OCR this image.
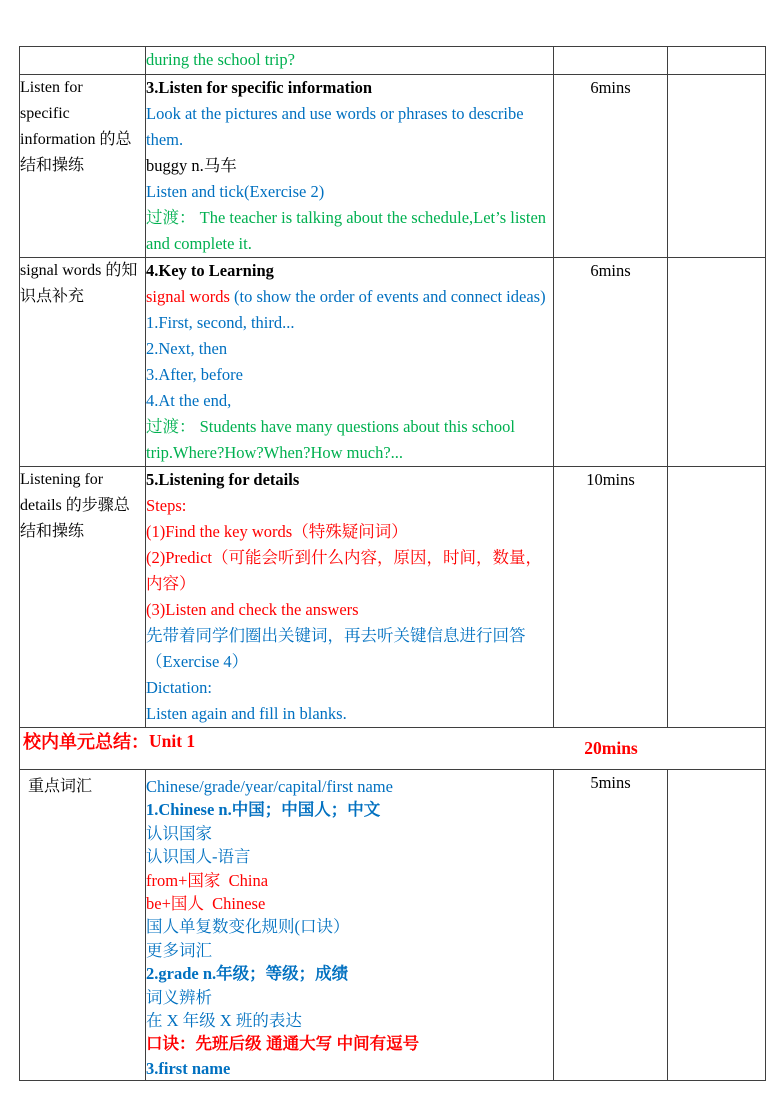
	during the school trip?		

Listen for
specific
information 的总
结和操练

3.Listen for specific information
Look at the pictures and use words or phrases to describe
them.
buggy n.马车
Listen and tick(Exercise 2)
过渡： The teacher is talking about the schedule,Let’s listen
and complete it.
	6mins	

signal words 的知
识点补充

4.Key to Learning
signal words (to show the order of events and connect ideas)
1.First, second, third...
2.Next, then
3.After, before
4.At the end,
过渡： Students have many questions about this school
trip.Where?How?When?How much?...
	6mins	

Listening for
details 的步骤总
结和操练

5.Listening for details
Steps:
(1)Find the key words（特殊疑问词）
(2)Predict（可能会听到什么内容，原因，时间，数量，
内容）
(3)Listen and check the answers
先带着同学们圈出关键词，再去听关键信息进行回答
（Exercise 4）
Dictation:
Listen again and fill in blanks.
	10mins	

校内单元总结： Unit 1 20mins			

重点词汇	Chinese/grade/year/capital/first name
1.Chinese n.中国；中国人；中文
认识国家
认识国人-语言
from+国家  China
be+国人  Chinese
国人单复数变化规则(口诀）
更多词汇
2.grade n.年级；等级；成绩
词义辨析
在 X 年级 X 班的表达
口诀：先班后级 通通大写 中间有逗号
3.first name
	5mins	
